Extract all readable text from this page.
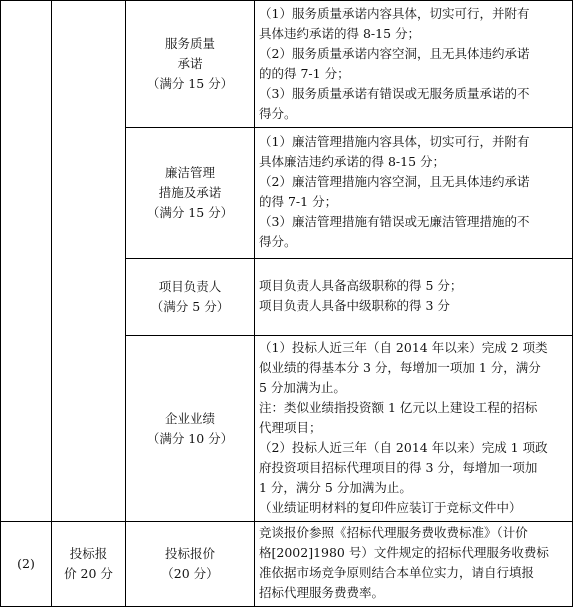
服务质量
承诺
（满分 15 分）
（1）服务质量承诺内容具体，切实可行，并附有
具体违约承诺的得 8-15 分；
（2）服务质量承诺内容空洞，且无具体违约承诺
的的得 7-1 分；
（3）服务质量承诺有错误或无服务质量承诺的不
得分。
廉洁管理
措施及承诺
（满分 15 分）
（1）廉洁管理措施内容具体，切实可行，并附有
具体廉洁违约承诺的得 8-15 分；
（2）廉洁管理措施内容空洞，且无具体违约承诺
的得 7-1 分；
（3）廉洁管理措施有错误或无廉洁管理措施的不
得分。
项目负责人
（满分 5 分）
项目负责人具备高级职称的得 5 分；
项目负责人具备中级职称的得 3 分
企业业绩
（满分 10 分）
（1）投标人近三年（自 2014 年以来）完成 2 项类
似业绩的得基本分 3 分，每增加一项加 1 分，满分
5 分加满为止。
注：类似业绩指投资额 1 亿元以上建设工程的招标
代理项目；
（2）投标人近三年（自 2014 年以来）完成 1 项政
府投资项目招标代理项目的得 3 分，每增加一项加
1 分，满分 5 分加满为止。
（业绩证明材料的复印件应装订于竞标文件中）
(2)
投标报
价 20 分
投标报价
（20 分）
竞谈报价参照《招标代理服务费收费标准》（计价
格[2002]1980 号）文件规定的招标代理服务收费标
准依据市场竞争原则结合本单位实力，请自行填报
招标代理服务费费率。
